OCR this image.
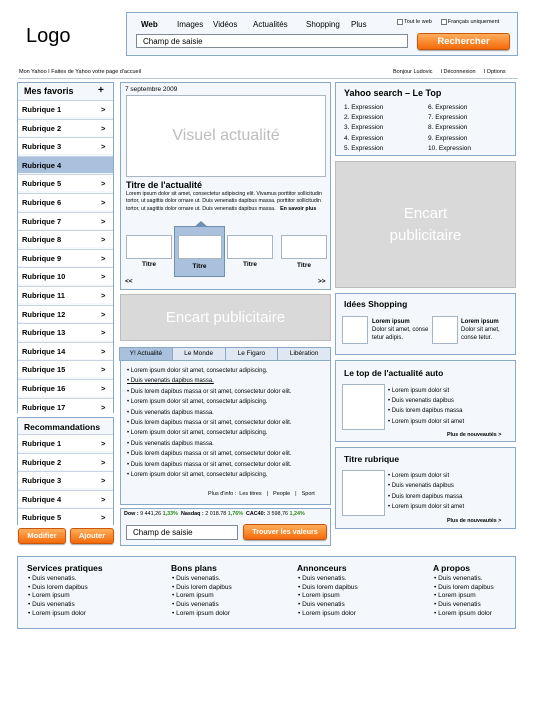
Logo
Web	Images	Vidéos	Actualités	Shopping	Plus	Tout le web	Français uniquement
Champ de saisie	Rechercher
Mon Yahoo I Faites de Yahoo votre page d'accueil	Bonjour Ludovic I Déconnexion I Options
Mes favoris +
Rubrique 1	>
Rubrique 2	>
Rubrique 3	>
Rubrique 4
Rubrique 5	>
Rubrique 6	>
Rubrique 7	>
Rubrique 8	>
Rubrique 9	>
Rubrique 10	>
Rubrique 11	>
Rubrique 12	>
Rubrique 13	>
Rubrique 14	>
Rubrique 15	>
Rubrique 16	>
Rubrique 17	>
Recommandations
Rubrique 1	>
Rubrique 2	>
Rubrique 3	>
Rubrique 4	>
Rubrique 5	>
Modifier	Ajouter
7 septembre 2009
Visuel actualité
Titre de l'actualité
Lorem ipsum dolor sit amet, consectetur adipiscing elit. Vivamus porttitor sollicitudin tortor, ut sagittis dolor ornare ut. Duis venenatis dapibus massa. porttitor sollicitudin tortor, ut sagittis dolor ornare ut. Duis venenatis dapibus massa. En savoir plus
Titre	Titre	Titre	Titre
<<	>>
Encart publicitaire
Y! Actualité	Le Monde	Le Figaro	Libération
• Lorem ipsum dolor sit amet, consectetur adipiscing.
• Duis venenatis dapibus massa.
• Duis lorem dapibus massa or sit amet, consectetur dolor elit.
• Lorem ipsum dolor sit amet, consectetur adipiscing.
• Duis venenatis dapibus massa.
• Duis lorem dapibus massa or sit amet, consectetur dolor elit.
• Lorem ipsum dolor sit amet, consectetur adipiscing.
• Duis venenatis dapibus massa.
• Duis lorem dapibus massa or sit amet, consectetur dolor elit.
• Duis lorem dapibus massa or sit amet, consectetur dolor elit.
• Lorem ipsum dolor sit amet, consectetur adipiscing.
Plus d'info : Les titres | People | Sport
Dow : 9 441,26 1,33% Nasdaq : 2 018.78 1,76% CAC40: 3 598,76 1,24%
Champ de saisie	Trouver les valeurs
Yahoo search – Le Top
1. Expression
2. Expression
3. Expression
4. Expression
5. Expression
6. Expression
7. Expression
8. Expression
9. Expression
10. Expression
Encart publicitaire
Idées Shopping
Lorem ipsum
Dolor sit amet, conse tetur adipis.
Lorem ipsum
Dolor sit amet, conse tetur.
Le top de l'actualité auto
• Lorem ipsum dolor sit
• Duis venenatis dapibus
• Duis lorem dapibus massa
• Lorem ipsum dolor sit amet
Plus de nouveautés >
Titre rubrique
• Lorem ipsum dolor sit
• Duis venenatis dapibus
• Duis lorem dapibus massa
• Lorem ipsum dolor sit amet
Plus de nouveautés >
Services pratiques
• Duis venenatis.
• Duis lorem dapibus
• Lorem ipsum
• Duis venenatis
• Lorem ipsum dolor
Bons plans
• Duis venenatis.
• Duis lorem dapibus
• Lorem ipsum
• Duis venenatis
• Lorem ipsum dolor
Annonceurs
• Duis venenatis.
• Duis lorem dapibus
• Lorem ipsum
• Duis venenatis
• Lorem ipsum dolor
A propos
• Duis venenatis.
• Duis lorem dapibus
• Lorem ipsum
• Duis venenatis
• Lorem ipsum dolor
